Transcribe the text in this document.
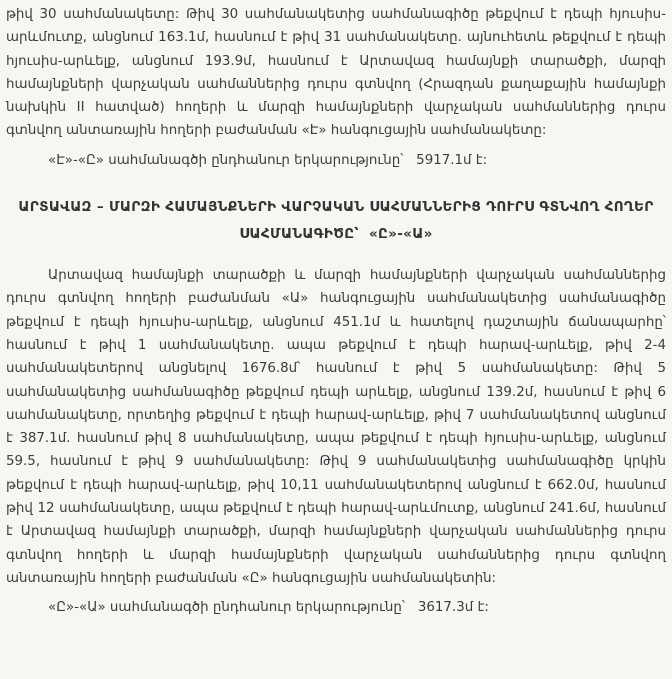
թիվ 30 սահմանակետը: Թիվ 30 սահմանակետից սահմանագիծը թեքվում է դեպի հյուսիս-արևմուտք, անցնում 163.1մ, հասնում է թիվ 31 սահմանակետը. այնուհետև թեքվում է դեպի հյուսիս-արևելք, անցնում 193.9մ, հասնում է Արտավազ համայնքի տարածքի, մարզի համայնքների վարչական սահմաններից դուրս գտնվող (Հրազդան քաղաքային համայնքի նախկին II հատված) հողերի և մարզի համայնքների վարչական սահմաններից դուրս գտնվող անտառային հողերի բաժանման «Է» հանգուցային սահմանակետը:

«Է»-«Ը» սահմանագծի ընդհանուր երկարությունը՝   5917.1մ է:

ԱՐՏԱՎԱԶ – ՄԱՐԶԻ ՀԱՄԱՅՆՔՆԵՐԻ ՎԱՐՉԱԿԱՆ ՍԱՀՄԱՆՆԵՐԻՑ ԴՈՒՐՍ ԳՏՆՎՈՂ ՀՈՂԵՐ
ՍԱՀՄԱՆԱԳԻԾԸ՝  «Ը»-«Ա»

Արտավազ համայնքի տարածքի և մարզի համայնքների վարչական սահմաններից դուրս գտնվող հողերի բաժանման «Ա» հանգուցային սահմանակետից սահմանագիծը թեքվում է դեպի հյուսիս-արևելք, անցնում 451.1մ և հատելով դաշտային ճանապարհը՝ հասնում է թիվ 1 սահմանակետը. ապա թեքվում է դեպի հարավ-արևելք, թիվ 2-4 սահմանակետերով անցնելով 1676.8մ՝ հասնում է թիվ 5 սահմանակետը: Թիվ 5 սահմանակետից սահմանագիծը թեքվում դեպի արևելք, անցնում 139.2մ, հասնում է թիվ 6 սահմանակետը, որտեղից թեքվում է դեպի հարավ-արևելք, թիվ 7 սահմանակետով անցնում է 387.1մ. հասնում թիվ 8 սահմանակետը, ապա թեքվում է դեպի հյուսիս-արևելք, անցնում 59.5, հասնում է թիվ 9 սահմանակետը: Թիվ 9 սահմանակետից սահմանագիծը կրկին թեքվում է դեպի հարավ-արևելք, թիվ 10,11 սահմանակետերով անցնում է 662.0մ, հասնում թիվ 12 սահմանակետը, ապա թեքվում է դեպի հարավ-արևմուտք, անցնում 241.6մ, հասնում է Արտավազ համայնքի տարածքի, մարզի համայնքների վարչական սահմաններից դուրս գտնվող հողերի և մարզի համայնքների վարչական սահմաններից դուրս գտնվող անտառային հողերի բաժանման «Ը» հանգուցային սահմանակետին:

«Ը»-«Ա» սահմանագծի ընդհանուր երկարությունը՝   3617.3մ է:
